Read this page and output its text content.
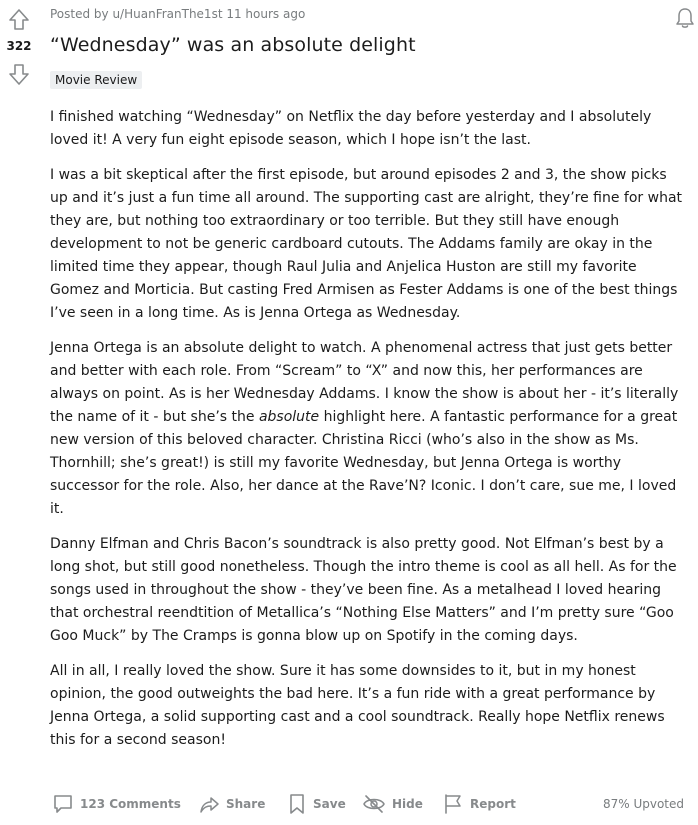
322
Posted by u/HuanFranThe1st 11 hours ago
“Wednesday” was an absolute delight
Movie Review

I finished watching “Wednesday” on Netflix the day before yesterday and I absolutely loved it! A very fun eight episode season, which I hope isn’t the last.

I was a bit skeptical after the first episode, but around episodes 2 and 3, the show picks up and it’s just a fun time all around. The supporting cast are alright, they’re fine for what they are, but nothing too extraordinary or too terrible. But they still have enough development to not be generic cardboard cutouts. The Addams family are okay in the limited time they appear, though Raul Julia and Anjelica Huston are still my favorite Gomez and Morticia. But casting Fred Armisen as Fester Addams is one of the best things I’ve seen in a long time. As is Jenna Ortega as Wednesday.

Jenna Ortega is an absolute delight to watch. A phenomenal actress that just gets better and better with each role. From “Scream” to “X” and now this, her performances are always on point. As is her Wednesday Addams. I know the show is about her - it’s literally the name of it - but she’s the absolute highlight here. A fantastic performance for a great new version of this beloved character. Christina Ricci (who’s also in the show as Ms. Thornhill; she’s great!) is still my favorite Wednesday, but Jenna Ortega is worthy successor for the role. Also, her dance at the Rave’N? Iconic. I don’t care, sue me, I loved it.

Danny Elfman and Chris Bacon’s soundtrack is also pretty good. Not Elfman’s best by a long shot, but still good nonetheless. Though the intro theme is cool as all hell. As for the songs used in throughout the show - they’ve been fine. As a metalhead I loved hearing that orchestral reendtition of Metallica’s “Nothing Else Matters” and I’m pretty sure “Goo Goo Muck” by The Cramps is gonna blow up on Spotify in the coming days.

All in all, I really loved the show. Sure it has some downsides to it, but in my honest opinion, the good outweights the bad here. It’s a fun ride with a great performance by Jenna Ortega, a solid supporting cast and a cool soundtrack. Really hope Netflix renews this for a second season!

123 Comments	Share	Save	Hide	Report	87% Upvoted
